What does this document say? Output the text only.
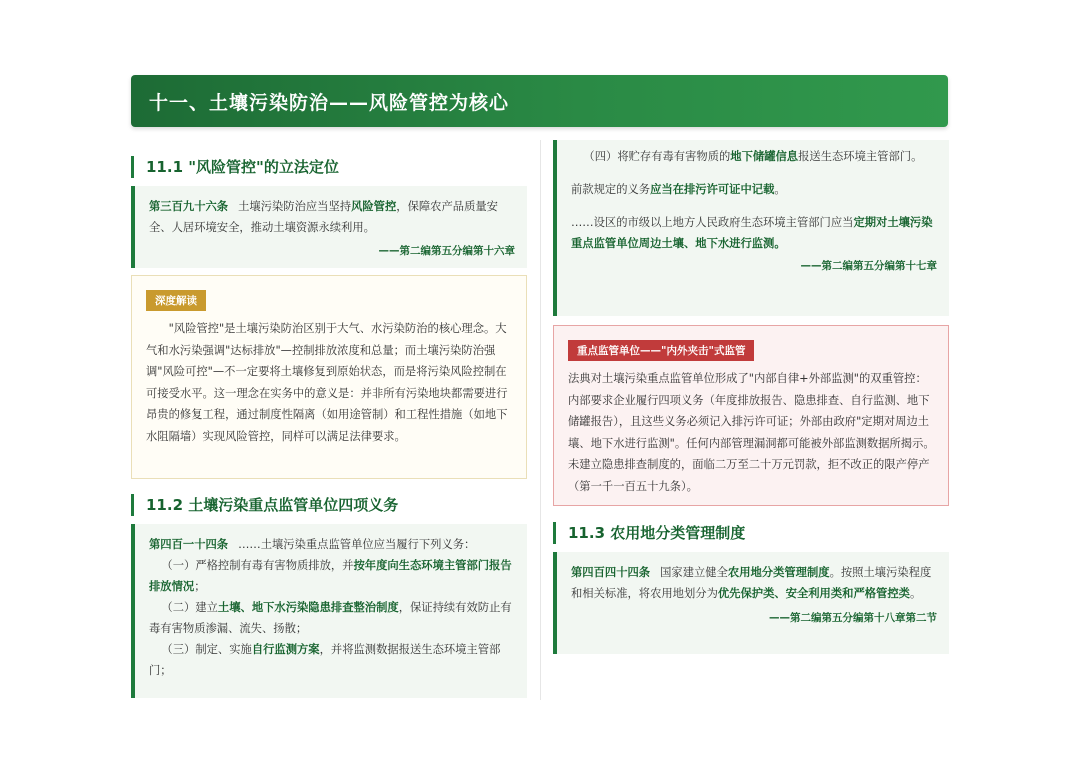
十一、土壤污染防治——风险管控为核心
11.1 "风险管控"的立法定位

第三百九十六条 土壤污染防治应当坚持风险管控，保障农产品质量安全、人居环境安全，推动土壤资源永续利用。

——第二编第五分编第十六章

深度解读

"风险管控"是土壤污染防治区别于大气、水污染防治的核心理念。大气和水污染强调"达标排放"—控制排放浓度和总量；而土壤污染防治强调"风险可控"—不一定要将土壤修复到原始状态，而是将污染风险控制在可接受水平。这一理念在实务中的意义是：并非所有污染地块都需要进行昂贵的修复工程，通过制度性隔离（如用途管制）和工程性措施（如地下水阻隔墙）实现风险管控，同样可以满足法律要求。

11.2 土壤污染重点监管单位四项义务

第四百一十四条 ……土壤污染重点监管单位应当履行下列义务：

（一）严格控制有毒有害物质排放，并按年度向生态环境主管部门报告排放情况；

（二）建立土壤、地下水污染隐患排查整治制度，保证持续有效防止有毒有害物质渗漏、流失、扬散；

（三）制定、实施自行监测方案，并将监测数据报送生态环境主管部门；

（四）将贮存有毒有害物质的地下储罐信息报送生态环境主管部门。

前款规定的义务应当在排污许可证中记载。

……设区的市级以上地方人民政府生态环境主管部门应当定期对土壤污染重点监管单位周边土壤、地下水进行监测。

——第二编第五分编第十七章

重点监管单位——"内外夹击"式监管

法典对土壤污染重点监管单位形成了"内部自律+外部监测"的双重管控：内部要求企业履行四项义务（年度排放报告、隐患排查、自行监测、地下储罐报告），且这些义务必须记入排污许可证；外部由政府"定期对周边土壤、地下水进行监测"。任何内部管理漏洞都可能被外部监测数据所揭示。未建立隐患排查制度的，面临二万至二十万元罚款，拒不改正的限产停产（第一千一百五十九条）。

11.3 农用地分类管理制度

第四百四十四条 国家建立健全农用地分类管理制度。按照土壤污染程度和相关标准，将农用地划分为优先保护类、安全利用类和严格管控类。

——第二编第五分编第十八章第二节
